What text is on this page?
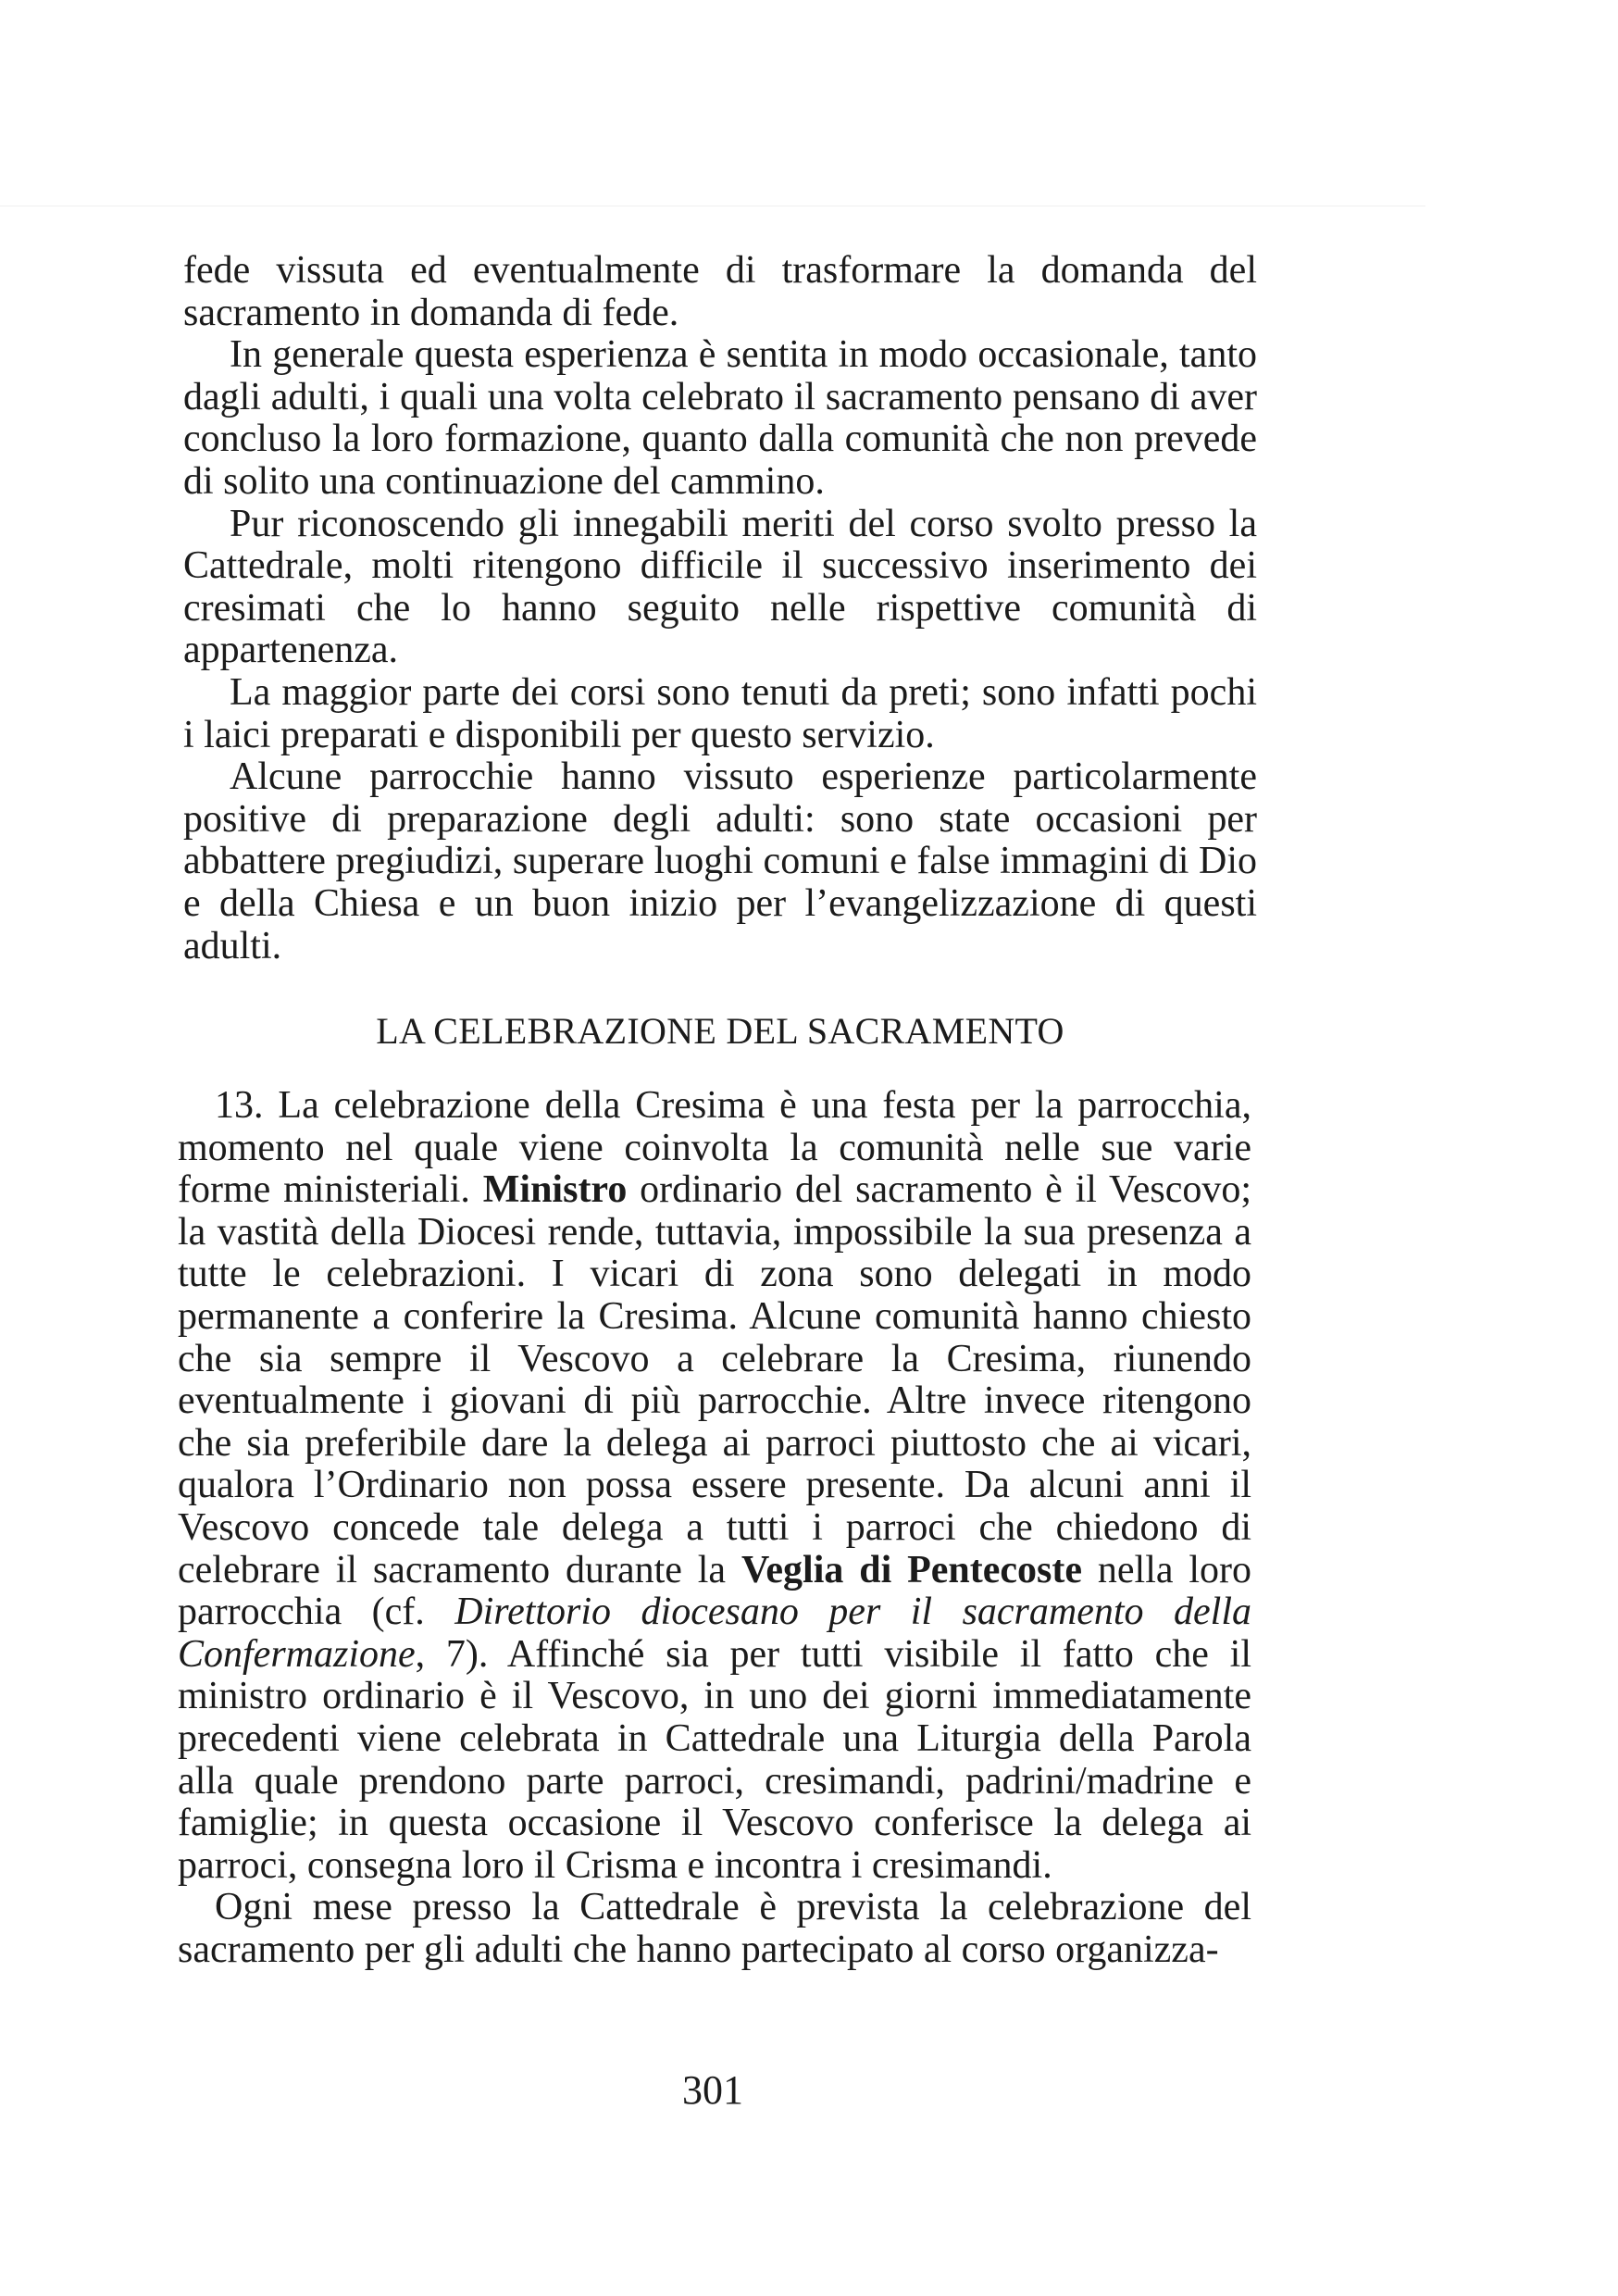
fede vissuta ed eventualmente di trasformare la domanda del sacramento in domanda di fede.

In generale questa esperienza è sentita in modo occasionale, tanto dagli adulti, i quali una volta celebrato il sacramento pensano di aver concluso la loro formazione, quanto dalla comunità che non prevede di solito una continuazione del cammino.

Pur riconoscendo gli innegabili meriti del corso svolto presso la Cattedrale, molti ritengono difficile il successivo inserimento dei cresimati che lo hanno seguito nelle rispettive comunità di appartenenza.

La maggior parte dei corsi sono tenuti da preti; sono infatti pochi i laici preparati e disponibili per questo servizio.

Alcune parrocchie hanno vissuto esperienze particolarmente positive di preparazione degli adulti: sono state occasioni per abbattere pregiudizi, superare luoghi comuni e false immagini di Dio e della Chiesa e un buon inizio per l’evangelizzazione di questi adulti.

LA CELEBRAZIONE DEL SACRAMENTO

13. La celebrazione della Cresima è una festa per la parrocchia, momento nel quale viene coinvolta la comunità nelle sue varie forme ministeriali. Ministro ordinario del sacramento è il Vescovo; la vastità della Diocesi rende, tuttavia, impossibile la sua presenza a tutte le celebrazioni. I vicari di zona sono delegati in modo permanente a conferire la Cresima. Alcune comunità hanno chiesto che sia sempre il Vescovo a celebrare la Cresima, riunendo eventualmente i giovani di più parrocchie. Altre invece ritengono che sia preferibile dare la delega ai parroci piuttosto che ai vicari, qualora l’Ordinario non possa essere presente. Da alcuni anni il Vescovo concede tale delega a tutti i parroci che chiedono di celebrare il sacramento durante la Veglia di Pentecoste nella loro parrocchia (cf. Direttorio diocesano per il sacramento della Confermazione, 7). Affinché sia per tutti visibile il fatto che il ministro ordinario è il Vescovo, in uno dei giorni immediatamente precedenti viene celebrata in Cattedrale una Liturgia della Parola alla quale prendono parte parroci, cresimandi, padrini/madrine e famiglie; in questa occasione il Vescovo conferisce la delega ai parroci, consegna loro il Crisma e incontra i cresimandi.

Ogni mese presso la Cattedrale è prevista la celebrazione del sacramento per gli adulti che hanno partecipato al corso organizza-

301
